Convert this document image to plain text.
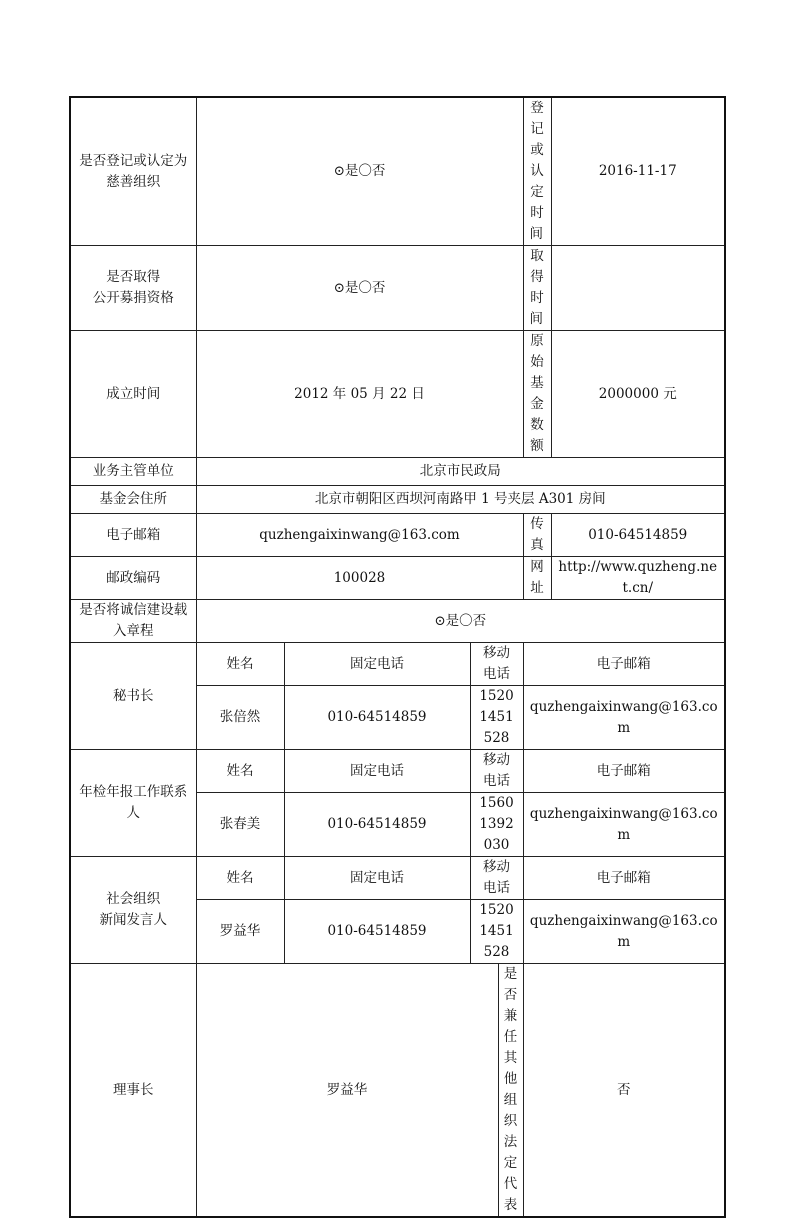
是否登记或认定为慈善组织	⊙是〇否				登记或认定时间	2016-11-17

是否取得
公开募捐资格	⊙是〇否				取得时间	
成立时间	2012 年 05 月 22 日				原始基金数额	2000000 元
业务主管单位	北京市民政局					
基金会住所	北京市朝阳区西坝河南路甲 1 号夹层 A301 房间					
电子邮箱	quzhengaixinwang@163.com				传真	010-64514859
邮政编码	100028				网址	http://www.quzheng.net.cn/
是否将诚信建设载入章程	⊙是〇否					
秘书长	姓名	固定电话	移动电话		电子邮箱	
	张倍然	010-64514859	15201451528		quzhengaixinwang@163.com	
年检年报工作联系人	姓名	固定电话	移动电话		电子邮箱	
	张春美	010-64514859	15601392030		quzhengaixinwang@163.com	

社会组织
新闻发言人	姓名	固定电话	移动电话		电子邮箱	
	罗益华	010-64514859	15201451528		quzhengaixinwang@163.com	
理事长	罗益华			是否兼任其他组织法定代表	否	
